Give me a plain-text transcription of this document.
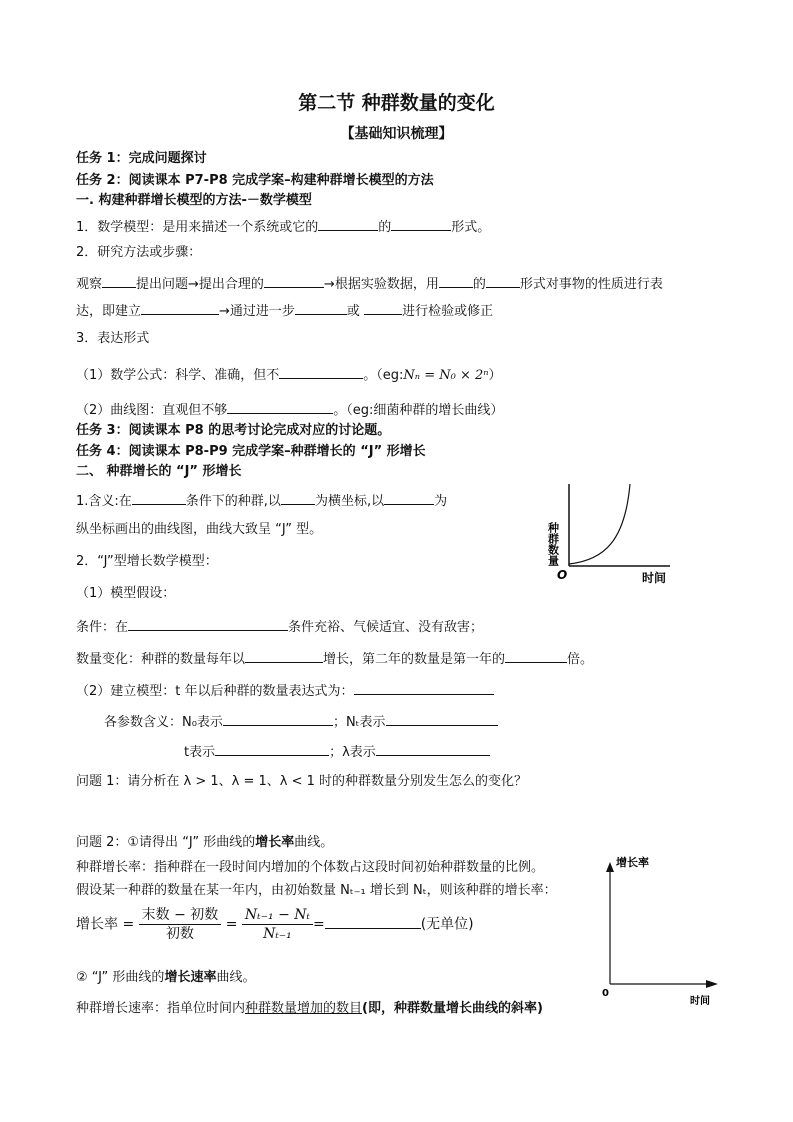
第二节 种群数量的变化
【基础知识梳理】
任务 1：完成问题探讨
任务 2：阅读课本 P7-P8 完成学案–构建种群增长模型的方法
一. 构建种群增长模型的方法-－数学模型
1．数学模型：是用来描述一个系统或它的	的	形式。
2．研究方法或步骤：
观察	提出问题→提出合理的	→根据实验数据，用	的	形式对事物的性质进行表
达，即建立	→通过进一步	或	进行检验或修正
3．表达形式
（1）数学公式：科学、准确，但不	。（eg:Nₙ = N₀ × 2ⁿ）
（2）曲线图：直观但不够	。（eg:细菌种群的增长曲线）
任务 3：阅读课本 P8 的思考讨论完成对应的讨论题。
任务 4：阅读课本 P8-P9 完成学案–种群增长的 “J” 形增长
二、 种群增长的 “J” 形增长
1.含义:在	条件下的种群,以	为横坐标,以	为
纵坐标画出的曲线图，曲线大致呈 “J” 型。	种群数量
O	时间
2．“J”型增长数学模型：
（1）模型假设：
条件：在	条件充裕、气候适宜、没有敌害；
数量变化：种群的数量每年以	增长，第二年的数量是第一年的	倍。
（2）建立模型：t 年以后种群的数量表达式为：
各参数含义：N₀表示	；Nₜ表示
t表示	；λ表示
问题 1：请分析在 λ > 1、λ = 1、λ < 1 时的种群数量分别发生怎么的变化？
问题 2：①请得出 “J” 形曲线的增长率曲线。
种群增长率：指种群在一段时间内增加的个体数占这段时间初始种群数量的比例。
假设某一种群的数量在某一年内，由初始数量 Nₜ₋₁ 增长到 Nₜ，则该种群的增长率：
增长率 = $\frac{\text{末数 − 初数}}{\text{初数}} = \frac{\text{Nₜ₋₁ − Nₜ}}{\text{Nₜ₋₁}}$ =	(无单位)
② “J” 形曲线的增长速率曲线。
种群增长速率：指单位时间内种群数量增加的数目(即，种群数量增长曲线的斜率)
增长率
0
时间
